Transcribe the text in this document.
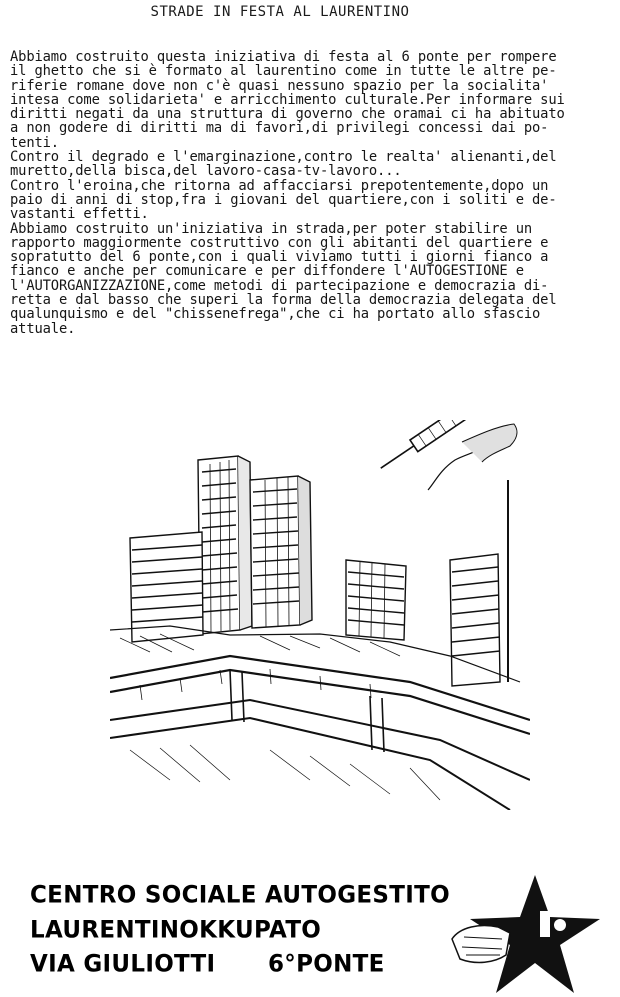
STRADE IN FESTA AL LAURENTINO
Abbiamo costruito questa iniziativa di festa al 6 ponte per rompere
il ghetto che si è formato al laurentino come in tutte le altre pe-
riferie romane dove non c'è quasi nessuno spazio per la socialita'
intesa come solidarieta' e arricchimento culturale.Per informare sui
diritti negati da una struttura di governo che oramai ci ha abituato
a non godere di diritti ma di favori,di privilegi concessi dai po-
tenti.
Contro il degrado e l'emarginazione,contro le realta' alienanti,del
muretto,della bisca,del lavoro-casa-tv-lavoro...
Contro l'eroina,che ritorna ad affacciarsi prepotentemente,dopo un
paio di anni di stop,fra i giovani del quartiere,con i soliti e de-
vastanti effetti.
Abbiamo costruito un'iniziativa in strada,per poter stabilire un
rapporto maggiormente costruttivo con gli abitanti del quartiere e
sopratutto del 6 ponte,con i quali viviamo tutti i giorni fianco a
fianco e anche per comunicare e per diffondere l'AUTOGESTIONE e
l'AUTORGANIZZAZIONE,come metodi di partecipazione e democrazia di-
retta e dal basso che superi la forma della democrazia delegata del
qualunquismo e del "chissenefrega",che ci ha portato allo sfascio
attuale.
CENTRO SOCIALE AUTOGESTITO
LAURENTINOKKUPATO
VIA GIULIOTTI 6°PONTE
